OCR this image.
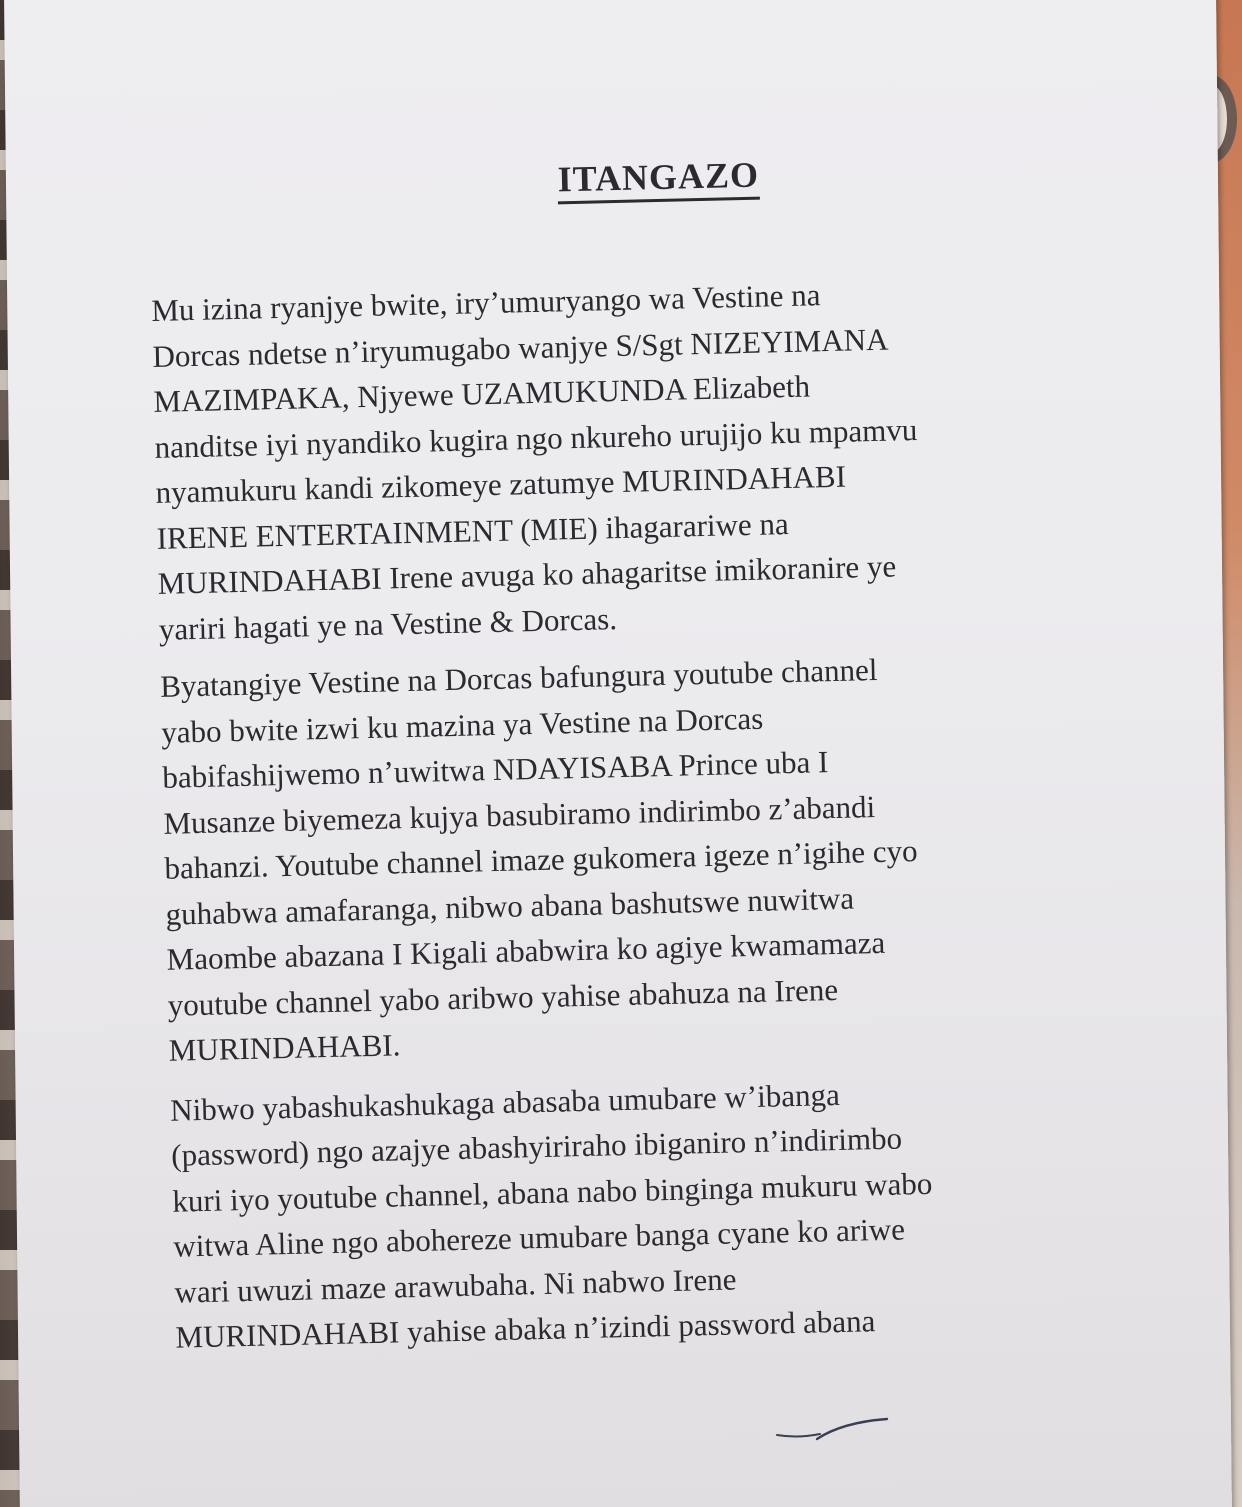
ITANGAZO
Mu izina ryanjye bwite, iry’umuryango wa Vestine na
Dorcas ndetse n’iryumugabo wanjye S/Sgt NIZEYIMANA
MAZIMPAKA, Njyewe UZAMUKUNDA Elizabeth
nanditse iyi nyandiko kugira ngo nkureho urujijo ku mpamvu
nyamukuru kandi zikomeye zatumye MURINDAHABI
IRENE ENTERTAINMENT (MIE) ihagarariwe na
MURINDAHABI Irene avuga ko ahagaritse imikoranire ye
yariri hagati ye na Vestine & Dorcas.
Byatangiye Vestine na Dorcas bafungura youtube channel
yabo bwite izwi ku mazina ya Vestine na Dorcas
babifashijwemo n’uwitwa NDAYISABA Prince uba I
Musanze biyemeza kujya basubiramo indirimbo z’abandi
bahanzi. Youtube channel imaze gukomera igeze n’igihe cyo
guhabwa amafaranga, nibwo abana bashutswe nuwitwa
Maombe abazana I Kigali ababwira ko agiye kwamamaza
youtube channel yabo aribwo yahise abahuza na Irene
MURINDAHABI.
Nibwo yabashukashukaga abasaba umubare w’ibanga
(password) ngo azajye abashyiriraho ibiganiro n’indirimbo
kuri iyo youtube channel, abana nabo binginga mukuru wabo
witwa Aline ngo abohereze umubare banga cyane ko ariwe
wari uwuzi maze arawubaha. Ni nabwo Irene
MURINDAHABI yahise abaka n’izindi password abana
